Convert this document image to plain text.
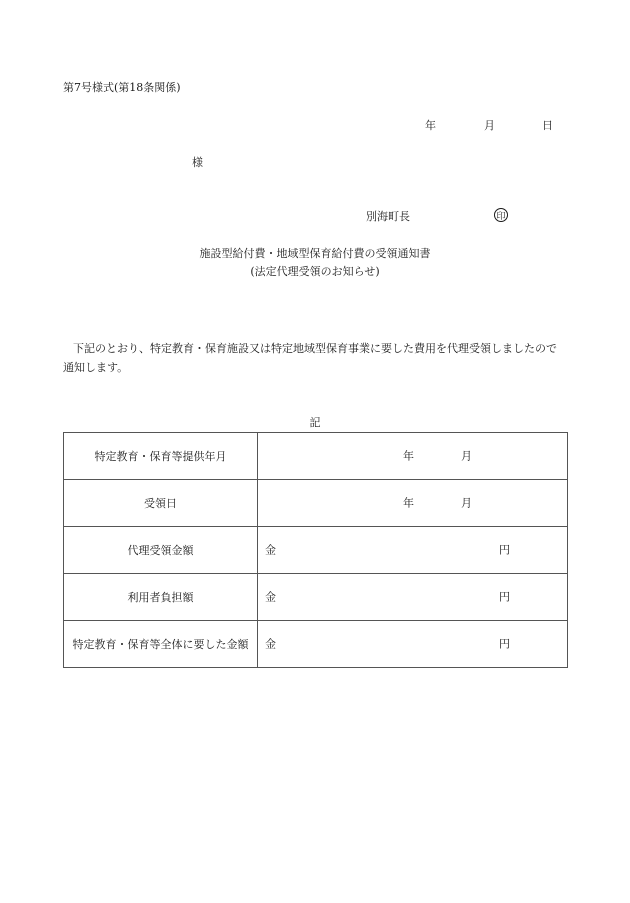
第7号様式(第18条関係)
年	月	日
様
別海町長	印
施設型給付費・地域型保育給付費の受領通知書
(法定代理受領のお知らせ)
下記のとおり、特定教育・保育施設又は特定地域型保育事業に要した費用を代理受領しましたので通知します。
記
特定教育・保育等提供年月	年 月

受領日	年 月

代理受領金額	金 円

利用者負担額	金 円

特定教育・保育等全体に要した金額	金 円
